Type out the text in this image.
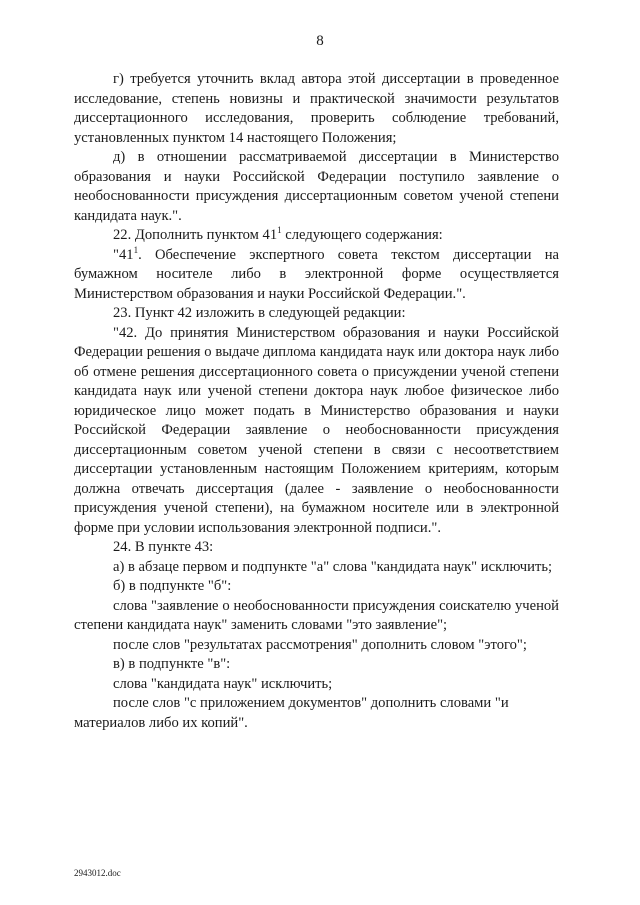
8

г) требуется уточнить вклад автора этой диссертации в проведенное исследование, степень новизны и практической значимости результатов диссертационного исследования, проверить соблюдение требований, установленных пунктом 14 настоящего Положения;

д) в отношении рассматриваемой диссертации в Министерство образования и науки Российской Федерации поступило заявление о необоснованности присуждения диссертационным советом ученой степени кандидата наук.".

22. Дополнить пунктом $41^1$ следующего содержания:

"$41^1$. Обеспечение экспертного совета текстом диссертации на бумажном носителе либо в электронной форме осуществляется Министерством образования и науки Российской Федерации.".

23. Пункт 42 изложить в следующей редакции:

"42. До принятия Министерством образования и науки Российской Федерации решения о выдаче диплома кандидата наук или доктора наук либо об отмене решения диссертационного совета о присуждении ученой степени кандидата наук или ученой степени доктора наук любое физическое либо юридическое лицо может подать в Министерство образования и науки Российской Федерации заявление о необоснованности присуждения диссертационным советом ученой степени в связи с несоответствием диссертации установленным настоящим Положением критериям, которым должна отвечать диссертация (далее - заявление о необоснованности присуждения ученой степени), на бумажном носителе или в электронной форме при условии использования электронной подписи.".

24. В пункте 43:

а) в абзаце первом и подпункте "а" слова "кандидата наук" исключить;

б) в подпункте "б":

слова "заявление о необоснованности присуждения соискателю ученой степени кандидата наук" заменить словами "это заявление";

после слов "результатах рассмотрения" дополнить словом "этого";

в) в подпункте "в":

слова "кандидата наук" исключить;

после слов "с приложением документов" дополнить словами "и материалов либо их копий".

2943012.doc
